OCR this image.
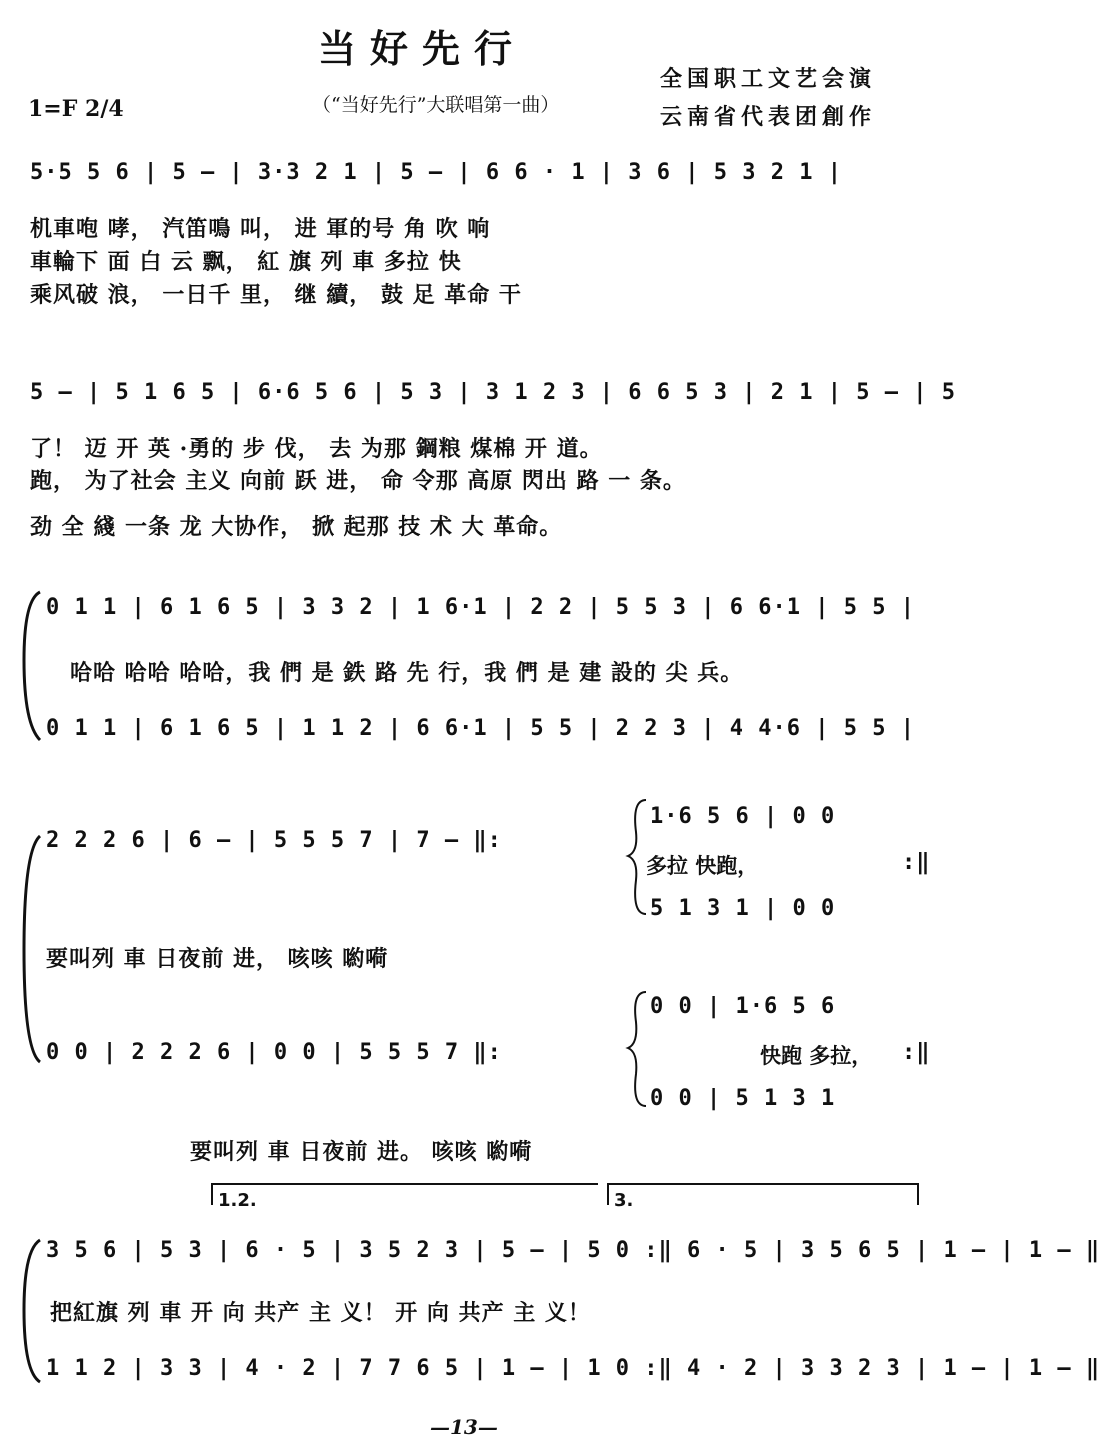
当好先行
（“当好先行”大联唱第一曲）
1=F 2/4
全国职工文艺会演
云南省代表团創作
5·5 5 6 | 5 — | 3·3 2 1 | 5 — | 6 6 · 1 | 3 6 | 5 3 2 1 |
机車咆 哮， 汽笛鳴 叫， 进 軍的号 角 吹 响
車輪下 面 白 云 飘， 紅 旗 列 車 多拉 快
乘风破 浪， 一日千 里， 继 續， 鼓 足 革命 干
5 — | 5 1 6 5 | 6·6 5 6 | 5 3 | 3 1 2 3 | 6 6 5 3 | 2 1 | 5 — | 5
了！ 迈 开 英 ·勇的 步 伐， 去 为那 鋼粮 煤棉 开 道。
跑， 为了社会 主义 向前 跃 进， 命 令那 高原 閃出 路 一 条。
劲 全 綫 一条 龙 大协作， 掀 起那 技 术 大 革命。
0 1 1 | 6 1 6 5 | 3 3 2 | 1 6·1 | 2 2 | 5 5 3 | 6 6·1 | 5 5 |
哈哈 哈哈 哈哈，我 們 是 鉄 路 先 行，我 們 是 建 設的 尖 兵。
0 1 1 | 6 1 6 5 | 1 1 2 | 6 6·1 | 5 5 | 2 2 3 | 4 4·6 | 5 5 |
2 2 2 6 | 6 — | 5 5 5 7 | 7 — ‖:
1·6 5 6 | 0 0
多拉 快跑，
5 1 3 1 | 0 0
:‖
要叫列 車 日夜前 进， 咳咳 喲嗬
0 0 | 2 2 2 6 | 0 0 | 5 5 5 7 ‖:
0 0 | 1·6 5 6
快跑 多拉，
0 0 | 5 1 3 1
:‖
要叫列 車 日夜前 进。 咳咳 喲嗬
1.2.	3.
3 5 6 | 5 3 | 6 · 5 | 3 5 2 3 | 5 — | 5 0 :‖ 6 · 5 | 3 5 6 5 | 1 — | 1 — ‖
把紅旗 列 車 开 向 共产 主 义！ 开 向 共产 主 义！
1 1 2 | 3 3 | 4 · 2 | 7 7 6 5 | 1 — | 1 0 :‖ 4 · 2 | 3 3 2 3 | 1 — | 1 — ‖
—13—
